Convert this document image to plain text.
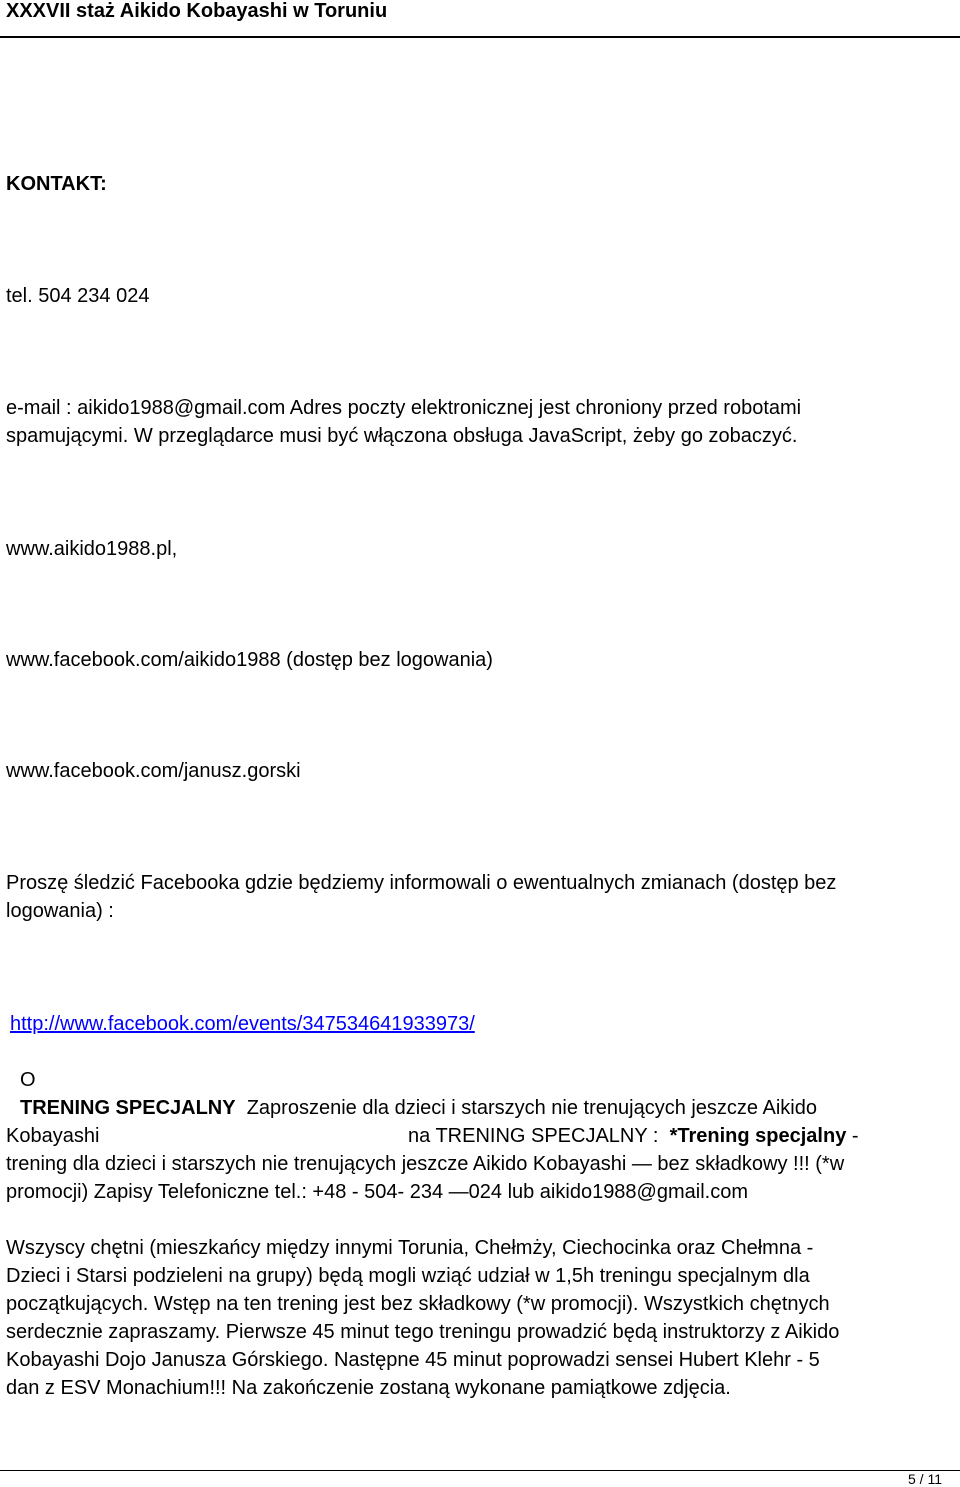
XXXVII staż Aikido Kobayashi w Toruniu
KONTAKT:
tel. 504 234 024
e-mail : aikido1988@gmail.com Adres poczty elektronicznej jest chroniony przed robotami
spamującymi. W przeglądarce musi być włączona obsługa JavaScript, żeby go zobaczyć.
www.aikido1988.pl,
www.facebook.com/aikido1988 (dostęp bez logowania)
www.facebook.com/janusz.gorski
Proszę śledzić Facebooka gdzie będziemy informowali o ewentualnych zmianach (dostęp bez
logowania) :
http://www.facebook.com/events/347534641933973/
O
TRENING SPECJALNY Zaproszenie dla dzieci i starszych nie trenujących jeszcze Aikido
Kobayashi	na TRENING SPECJALNY : *Trening specjalny -
trening dla dzieci i starszych nie trenujących jeszcze Aikido Kobayashi — bez składkowy !!! (*w
promocji) Zapisy Telefoniczne tel.: +48 - 504- 234 —024 lub aikido1988@gmail.com
Wszyscy chętni (mieszkańcy między innymi Torunia, Chełmży, Ciechocinka oraz Chełmna -
Dzieci i Starsi podzieleni na grupy) będą mogli wziąć udział w 1,5h treningu specjalnym dla
początkujących. Wstęp na ten trening jest bez składkowy (*w promocji). Wszystkich chętnych
serdecznie zapraszamy. Pierwsze 45 minut tego treningu prowadzić będą instruktorzy z Aikido
Kobayashi Dojo Janusza Górskiego. Następne 45 minut poprowadzi sensei Hubert Klehr - 5
dan z ESV Monachium!!! Na zakończenie zostaną wykonane pamiątkowe zdjęcia.
5 / 11
